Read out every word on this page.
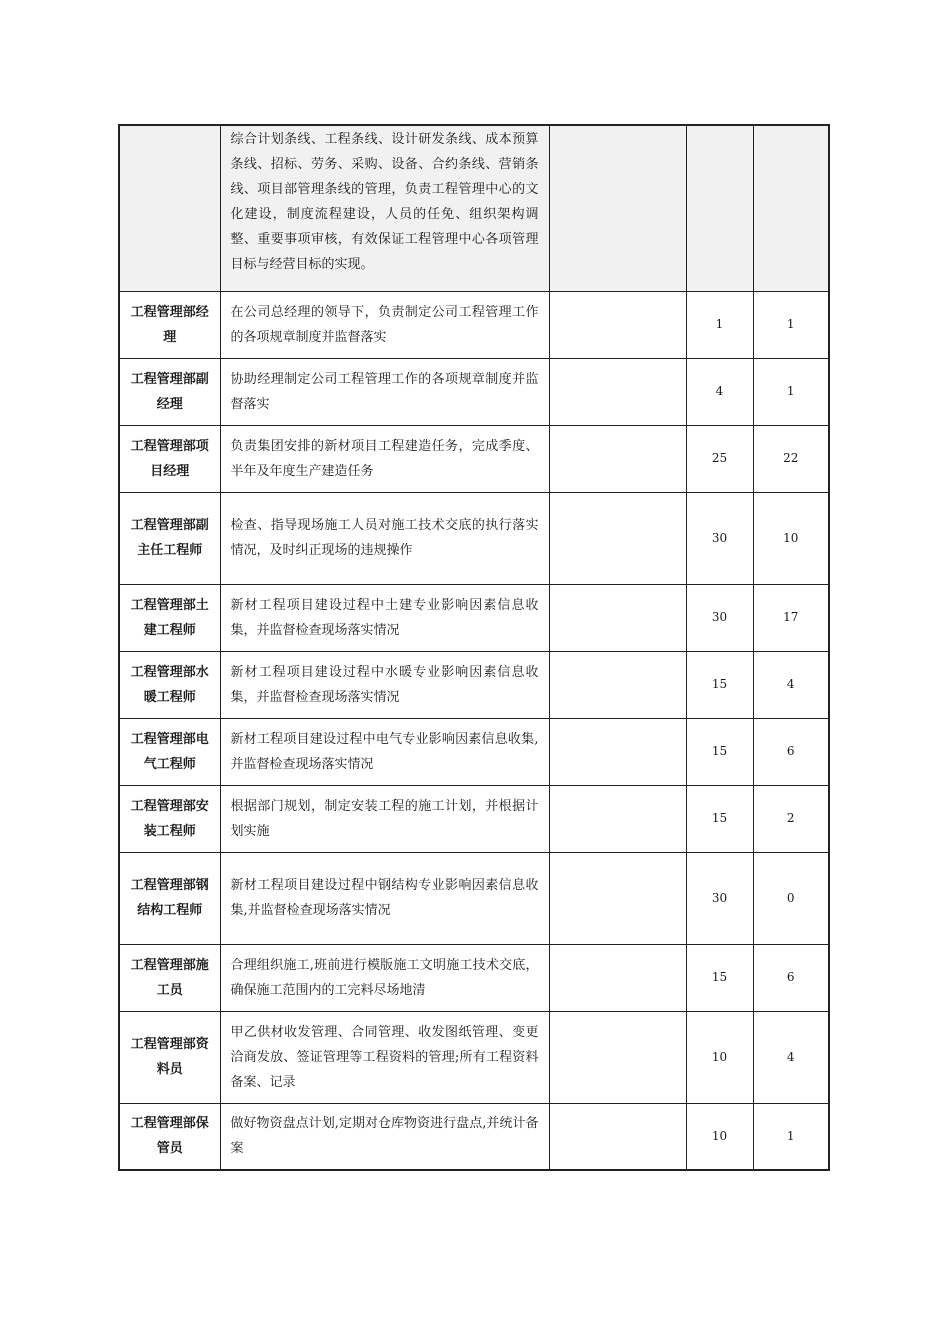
	综合计划条线、工程条线、设计研发条线、成本预算条线、招标、劳务、采购、设备、合约条线、营销条线、项目部管理条线的管理，负责工程管理中心的文化建设，制度流程建设，人员的任免、组织架构调整、重要事项审核，有效保证工程管理中心各项管理目标与经营目标的实现。			
工程管理部经理	在公司总经理的领导下，负责制定公司工程管理工作的各项规章制度并监督落实		1	1
工程管理部副经理	协助经理制定公司工程管理工作的各项规章制度并监督落实		4	1
工程管理部项目经理	负责集团安排的新材项目工程建造任务，完成季度、半年及年度生产建造任务		25	22
工程管理部副主任工程师	检查、指导现场施工人员对施工技术交底的执行落实情况，及时纠正现场的违规操作		30	10
工程管理部土建工程师	新材工程项目建设过程中土建专业影响因素信息收集，并监督检查现场落实情况		30	17
工程管理部水暖工程师	新材工程项目建设过程中水暖专业影响因素信息收集，并监督检查现场落实情况		15	4
工程管理部电气工程师	新材工程项目建设过程中电气专业影响因素信息收集,并监督检查现场落实情况		15	6
工程管理部安装工程师	根据部门规划，制定安装工程的施工计划，并根据计划实施		15	2
工程管理部钢结构工程师	新材工程项目建设过程中钢结构专业影响因素信息收集,并监督检查现场落实情况		30	0
工程管理部施工员	合理组织施工,班前进行模版施工文明施工技术交底，确保施工范围内的工完料尽场地清		15	6
工程管理部资料员	甲乙供材收发管理、合同管理、收发图纸管理、变更洽商发放、签证管理等工程资料的管理;所有工程资料备案、记录		10	4
工程管理部保管员	做好物资盘点计划,定期对仓库物资进行盘点,并统计备案		10	1
